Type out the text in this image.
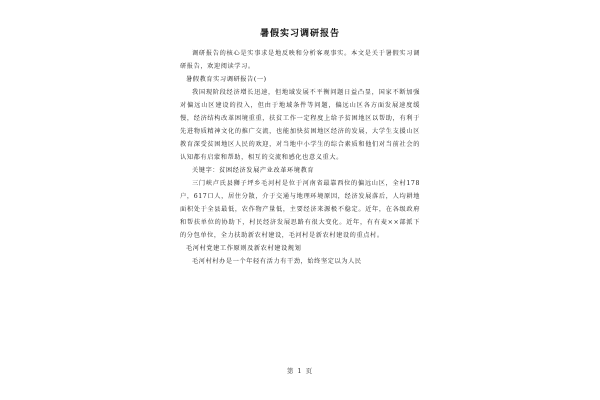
暑假实习调研报告

调研报告的核心是实事求是地反映和分析客观事实。本文是关于暑假实习调研报告，欢迎阅读学习。

暑假教育实习调研报告(一)

我国现阶段经济增长迅速，但地域发展不平衡问题日益凸显，国家不断加强对偏远山区建设的投入，但由于地域条件等问题，偏远山区各方面发展速度缓慢，经济结构改革困境重重，扶贫工作一定程度上给予贫困地区以帮助，有利于先进物质精神文化的推广交流，也能加快贫困地区经济的发展，大学生支援山区教育深受贫困地区人民的欢迎，对当地中小学生的综合素质和他们对当前社会的认知都有启蒙和帮助，相互的交流和感化也意义重大。

关键字：贫困经济发展产业改革环境教育

三门峡卢氏县狮子坪乡毛河村是位于河南省最靠西位的偏远山区，全村178户，617口人，居住分散，介于交通与地理环境原因，经济发展落后，人均耕地面积处于全县最低，农作物产量低，主要经济来源极不稳定。近年，在各级政府和帮扶单位的协助下，村民经济发展思路有很大变化。近年，有有麦××部派下的分包单位，全力扶助新农村建设，毛河村是新农村建设的重点村。

毛河村党建工作原则及新农村建设规划

毛河村村办是一个年轻有活力有干劲，始终坚定以为人民

第 1 页
